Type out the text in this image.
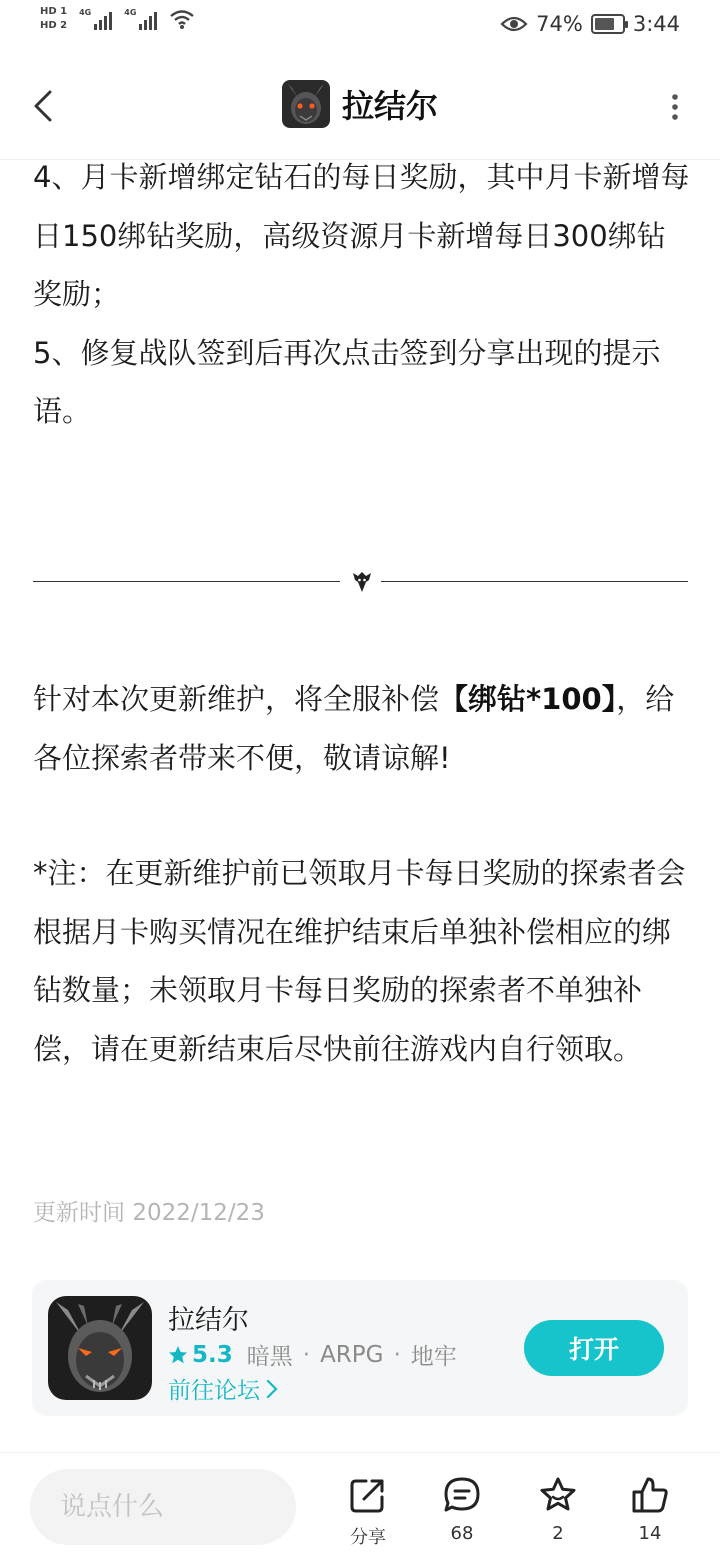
HD 1
HD 2
4G	4G	74% 3:44
拉结尔

4、月卡新增绑定钻石的每日奖励，其中月卡新增每日150绑钻奖励，高级资源月卡新增每日300绑钻奖励；

5、修复战队签到后再次点击签到分享出现的提示语。

针对本次更新维护，将全服补偿【绑钻*100】，给各位探索者带来不便，敬请谅解!

*注：在更新维护前已领取月卡每日奖励的探索者会根据月卡购买情况在维护结束后单独补偿相应的绑钻数量；未领取月卡每日奖励的探索者不单独补偿，请在更新结束后尽快前往游戏内自行领取。

更新时间 2022/12/23
拉结尔
5.3 暗黑 · ARPG · 地牢
前往论坛
打开
说点什么
分享	68	2	14
